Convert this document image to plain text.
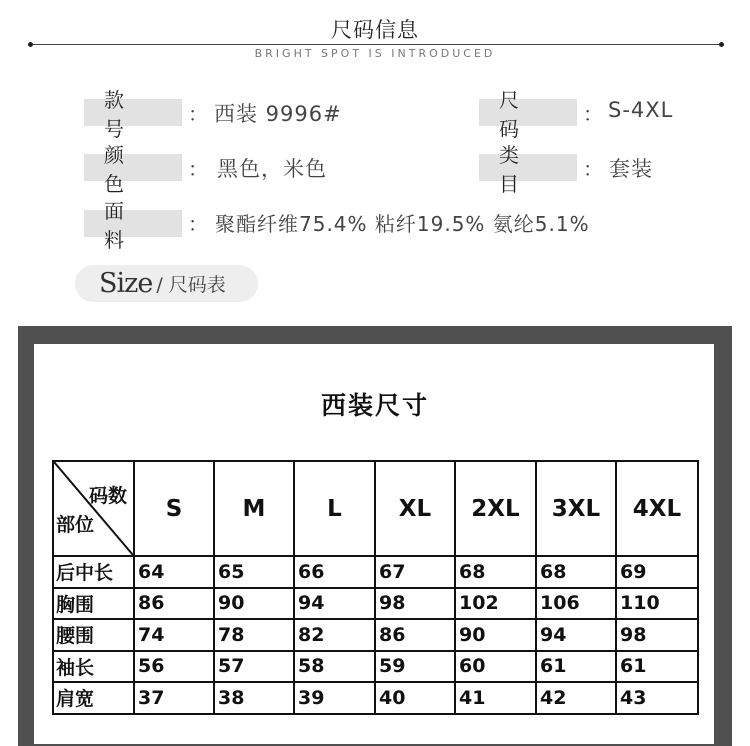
尺码信息
BRIGHT SPOT IS INTRODUCED
款号
： 西装 9996#
尺码
： S-4XL
颜色
： 黑色，米色
类目
： 套装
面料
： 聚酯纤维75.4% 粘纤19.5% 氨纶5.1%
Size / 尺码表
西装尺寸
码数
部位	S	M	L	XL	2XL	3XL	4XL
后中长	64	65	66	67	68	68	69
胸围	86	90	94	98	102	106	110
腰围	74	78	82	86	90	94	98
袖长	56	57	58	59	60	61	61
肩宽	37	38	39	40	41	42	43
